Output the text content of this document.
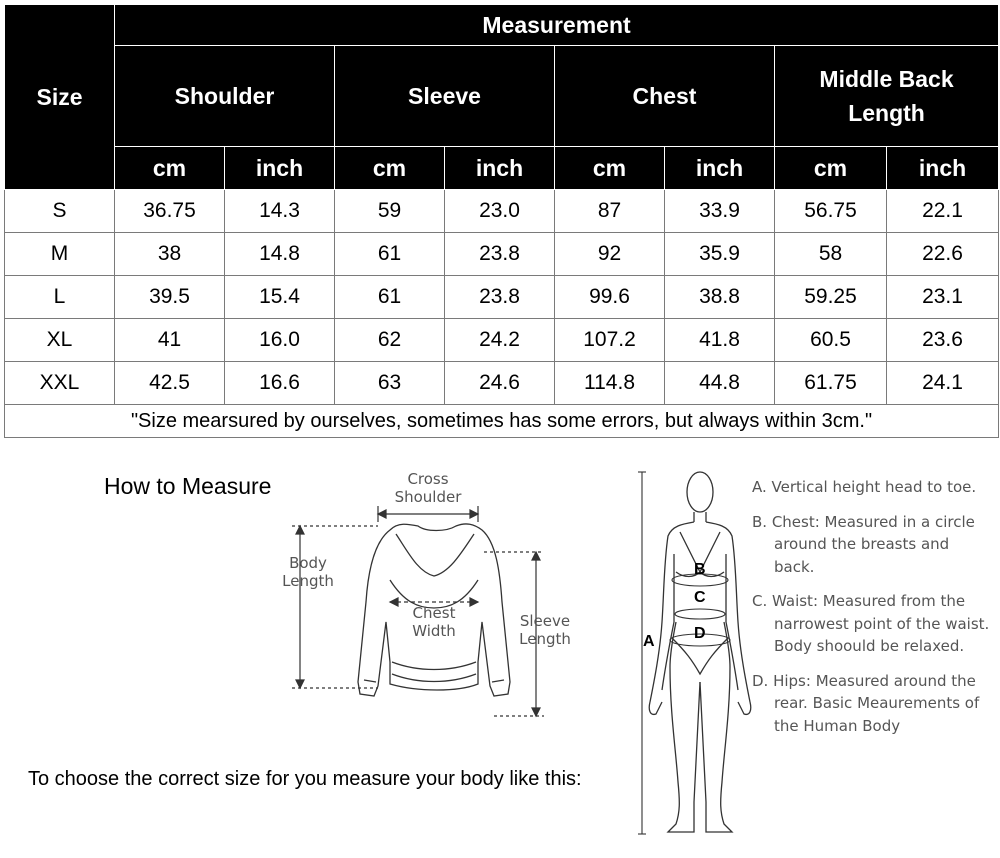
Size	Measurement							
	Shoulder		Sleeve		Chest		Middle Back Length	
	cm	inch	cm	inch	cm	inch	cm	inch
S	36.75	14.3	59	23.0	87	33.9	56.75	22.1
M	38	14.8	61	23.8	92	35.9	58	22.6
L	39.5	15.4	61	23.8	99.6	38.8	59.25	23.1
XL	41	16.0	62	24.2	107.2	41.8	60.5	23.6
XXL	42.5	16.6	63	24.6	114.8	44.8	61.75	24.1
"Size mearsured by ourselves, sometimes has some errors, but always within 3cm."								
How to Measure	Cross
Shoulder
Body
Length
Chest
Width
Sleeve
Length
B
C
D
A
A. Vertical height head to toe.
B. Chest: Measured in a circle around the breasts and back.
C. Waist: Measured from the narrowest point of the waist. Body shoould be relaxed.
D. Hips: Measured around the rear. Basic Meaurements of the Human Body
To choose the correct size for you measure your body like this:
